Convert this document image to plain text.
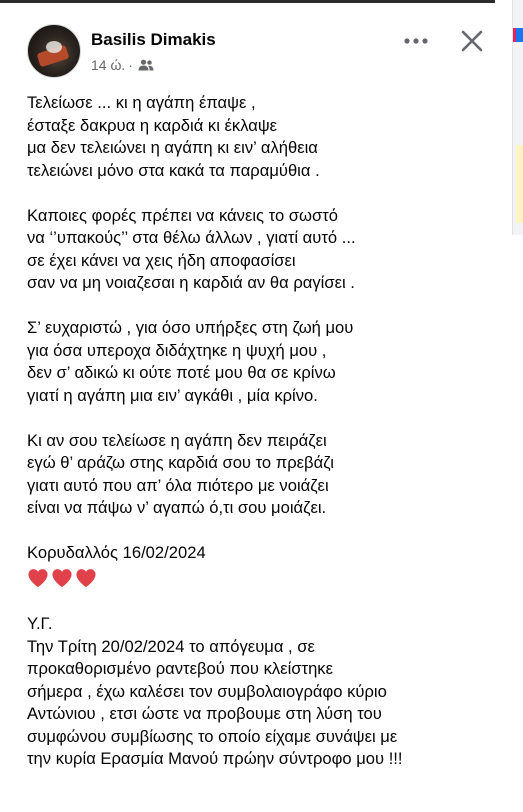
Basilis Dimakis
14 ώ. ·
Τελείωσε ... κι η αγάπη έπαψε ,
έσταξε δακρυα η καρδιά κι έκλαψε
μα δεν τελειώνει η αγάπη κι ειν’ αλήθεια
τελειώνει μόνο στα κακά τα παραμύθια .
Καποιες φορές πρέπει να κάνεις το σωστό
να ‘’υπακούς’’ στα θέλω άλλων , γιατί αυτό ...
σε έχει κάνει να χεις ήδη αποφασίσει
σαν να μη νοιαζεσαι η καρδιά αν θα ραγίσει .
Σ’ ευχαριστώ , για όσο υπήρξες στη ζωή μου
για όσα υπεροχα διδάχτηκε η ψυχή μου ,
δεν σ’ αδικώ κι ούτε ποτέ μου θα σε κρίνω
γιατί η αγάπη μια ειν’ αγκάθι , μία κρίνο.
Κι αν σου τελείωσε η αγάπη δεν πειράζει
εγώ θ’ αράζω στης καρδιά σου το πρεβάζι
γιατι αυτό που απ’ όλα πιότερο με νοιάζει
είναι να πάψω ν’ αγαπώ ό,τι σου μοιάζει.
Κορυδαλλός 16/02/2024
Υ.Γ.
Την Τρίτη 20/02/2024 το απόγευμα , σε
προκαθορισμένο ραντεβού που κλείστηκε
σήμερα , έχω καλέσει τον συμβολαιογράφο κύριο
Αντώνιου , ετσι ώστε να προβουμε στη λύση του
συμφώνου συμβίωσης το οποίο είχαμε συνάψει με
την κυρία Ερασμία Μανού πρώην σύντροφο μου !!!
